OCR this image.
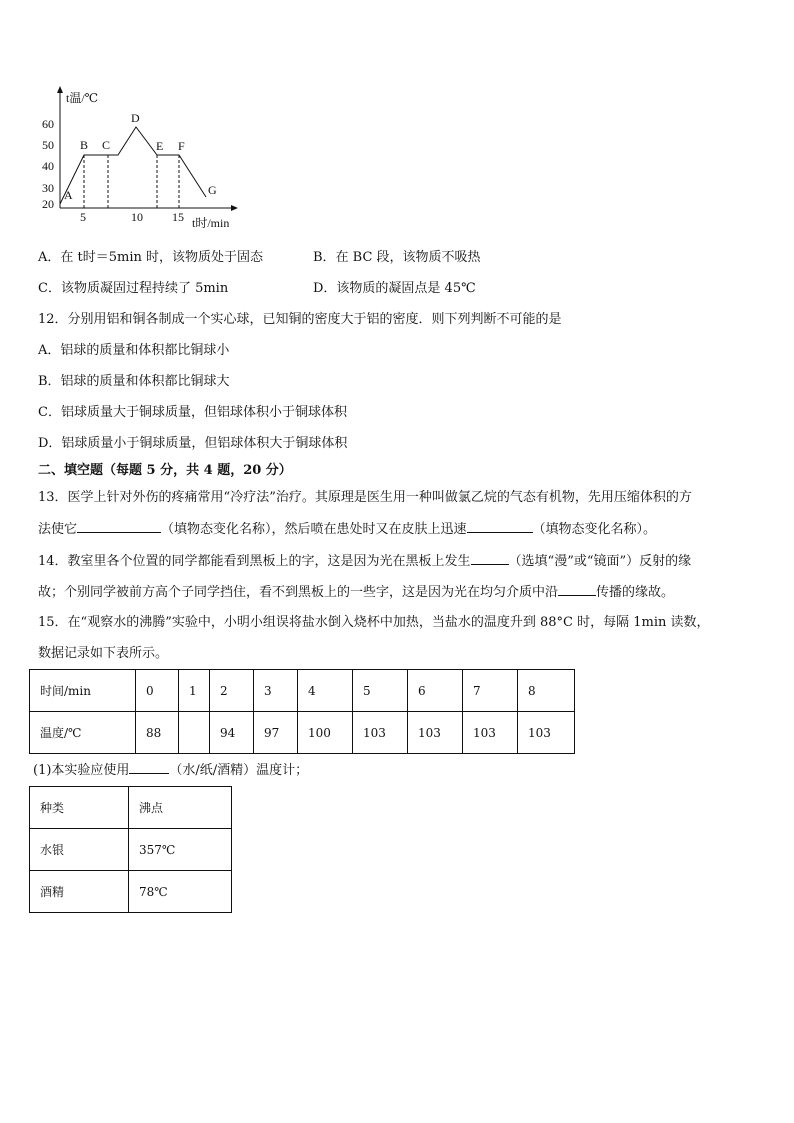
t温/℃
t时/min
60
50
40
30
20
5	10 15
A
B C
D
E F
G
A．在 t时＝5min 时，该物质处于固态	B．在 BC 段，该物质不吸热
C．该物质凝固过程持续了 5min	D．该物质的凝固点是 45℃
12．分别用铝和铜各制成一个实心球，已知铜的密度大于铝的密度．则下列判断不可能的是
A．铝球的质量和体积都比铜球小
B．铝球的质量和体积都比铜球大
C．铝球质量大于铜球质量，但铝球体积小于铜球体积
D．铝球质量小于铜球质量，但铝球体积大于铜球体积
二、填空题（每题 5 分，共 4 题，20 分）
13．医学上针对外伤的疼痛常用“冷疗法”治疗。其原理是医生用一种叫做氯乙烷的气态有机物，先用压缩体积的方
法使它	（填物态变化名称），然后喷在患处时又在皮肤上迅速	（填物态变化名称）。
14．教室里各个位置的同学都能看到黑板上的字，这是因为光在黑板上发生	（选填“漫”或“镜面”）反射的缘
故；个别同学被前方高个子同学挡住，看不到黑板上的一些字，这是因为光在均匀介质中沿	传播的缘故。
15．在“观察水的沸腾”实验中，小明小组误将盐水倒入烧杯中加热，当盐水的温度升到 88°C 时，每隔 1min 读数，
数据记录如下表所示。
时间/min	0	1	2	3	4	5	6	7	8
温度/℃	88		94	97	100	103	103	103	103
(1)本实验应使用	（水/纸/酒精）温度计；
种类	沸点
水银	357℃
酒精	78℃
